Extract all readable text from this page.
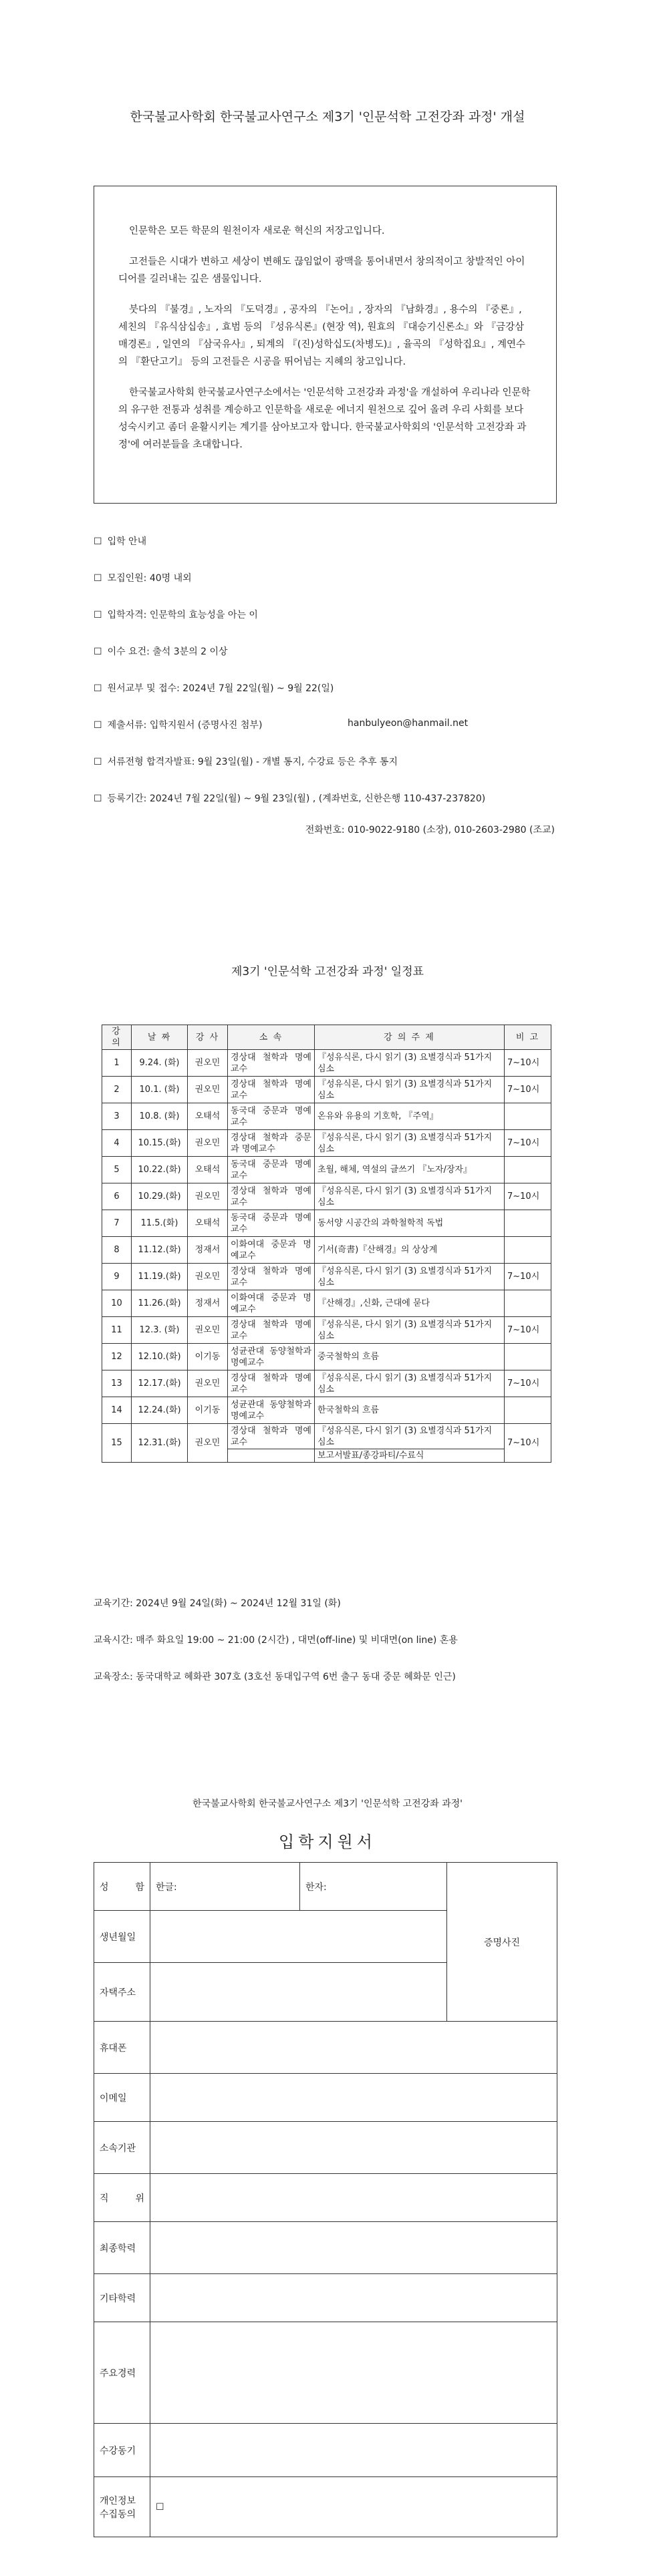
한국불교사학회 한국불교사연구소 제3기 '인문석학 고전강좌 과정' 개설

인문학은 모든 학문의 원천이자 새로운 혁신의 저장고입니다.

고전들은 시대가 변하고 세상이 변해도 끊임없이 광맥을 통어내면서 창의적이고 창발적인 아이디어를 길러내는 깊은 샘물입니다.

붓다의 『불경』, 노자의 『도덕경』, 공자의 『논어』, 장자의 『남화경』, 용수의 『중론』, 세친의 『유식삼십송』, 효범 등의 『성유식론』(현장 역), 원효의 『대승기신론소』와 『금강삼매경론』, 일연의 『삼국유사』, 퇴계의 『(진)성학십도(차병도)』, 율곡의 『성학집요』, 계연수의 『환단고기』 등의 고전들은 시공을 뛰어넘는 지혜의 창고입니다.

한국불교사학회 한국불교사연구소에서는 '인문석학 고전강좌 과정'을 개설하여 우리나라 인문학의 유구한 전통과 성취를 계승하고 인문학을 새로운 에너지 원천으로 깊어 올려 우리 사회를 보다 성숙시키고 좀더 윤활시키는 계기를 삼아보고자 합니다. 한국불교사학회의 '인문석학 고전강좌 과정'에 여러분들을 초대합니다.

☐ 입학 안내
☐ 모집인원: 40명 내외
☐ 입학자격: 인문학의 효능성을 아는 이
☐ 이수 요건: 출석 3분의 2 이상
☐ 원서교부 및 접수: 2024년 7월 22일(월) ~ 9월 22(일)
☐ 제출서류: 입학지원서 (증명사진 첨부)	hanbulyeon@hanmail.net
☐ 서류전형 합격자발표: 9월 23일(월) - 개별 통지, 수강료 등은 추후 통지
☐ 등록기간: 2024년 7월 22일(월) ~ 9월 23일(월) , (계좌번호, 신한은행 110-437-237820)
전화번호: 010-9022-9180 (소장), 010-2603-2980 (조교)
제3기 '인문석학 고전강좌 과정' 일정표
강 의	날 짜	강 사	소 속	강 의 주 제	비 고
1	9.24. (화)	권오민	경상대 철학과 명예교수	『성유식론, 다시 읽기 (3) 요별경식과 51가지 심소	7~10시
2	10.1. (화)	권오민	경상대 철학과 명예교수	『성유식론, 다시 읽기 (3) 요별경식과 51가지 심소	7~10시
3	10.8. (화)	오태석	동국대 중문과 명예교수	온유와 유용의 기호학, 『주역』	
4	10.15.(화)	권오민	경상대 철학과 중문과 명예교수	『성유식론, 다시 읽기 (3) 요별경식과 51가지 심소	7~10시
5	10.22.(화)	오태석	동국대 중문과 명예교수	초월, 해체, 역설의 글쓰기 『노자/장자』	
6	10.29.(화)	권오민	경상대 철학과 명예교수	『성유식론, 다시 읽기 (3) 요별경식과 51가지 심소	7~10시
7	11.5.(화)	오태석	동국대 중문과 명예교수	동서양 시공간의 과학철학적 독법	
8	11.12.(화)	정재서	이화여대 중문과 명예교수	기서(奇書)『산해경』의 상상계	
9	11.19.(화)	권오민	경상대 철학과 명예교수	『성유식론, 다시 읽기 (3) 요별경식과 51가지 심소	7~10시
10	11.26.(화)	정재서	이화여대 중문과 명예교수	『산해경』,신화, 근대에 묻다	
11	12.3. (화)	권오민	경상대 철학과 명예교수	『성유식론, 다시 읽기 (3) 요별경식과 51가지 심소	7~10시
12	12.10.(화)	이기동	성균관대 동양철학과 명예교수	중국철학의 흐름	
13	12.17.(화)	권오민	경상대 철학과 명예교수	『성유식론, 다시 읽기 (3) 요별경식과 51가지 심소	7~10시
14	12.24.(화)	이기동	성균관대 동양철학과 명예교수	한국철학의 흐름	
15	12.31.(화)	권오민	경상대 철학과 명예교수	『성유식론, 다시 읽기 (3) 요별경식과 51가지 심소	7~10시
				보고서발표/종강파티/수료식	
교육기간: 2024년 9월 24일(화) ~ 2024년 12월 31일 (화)
교육시간: 매주 화요일 19:00 ~ 21:00 (2시간) , 대면(off-line) 및 비대면(on line) 혼용
교육장소: 동국대학교 혜화관 307호 (3호선 동대입구역 6번 출구 동대 중문 혜화문 인근)
한국불교사학회 한국불교사연구소 제3기 '인문석학 고전강좌 과정'
입학지원서
성 함	한글:	한자:	증명사진
생년월일			
자택주소			
휴대폰			
이메일			
소속기관			

직 위			

최종학력			
기타학력			
주요경력			
수강동기			

개인정보
수집동의	☐		
